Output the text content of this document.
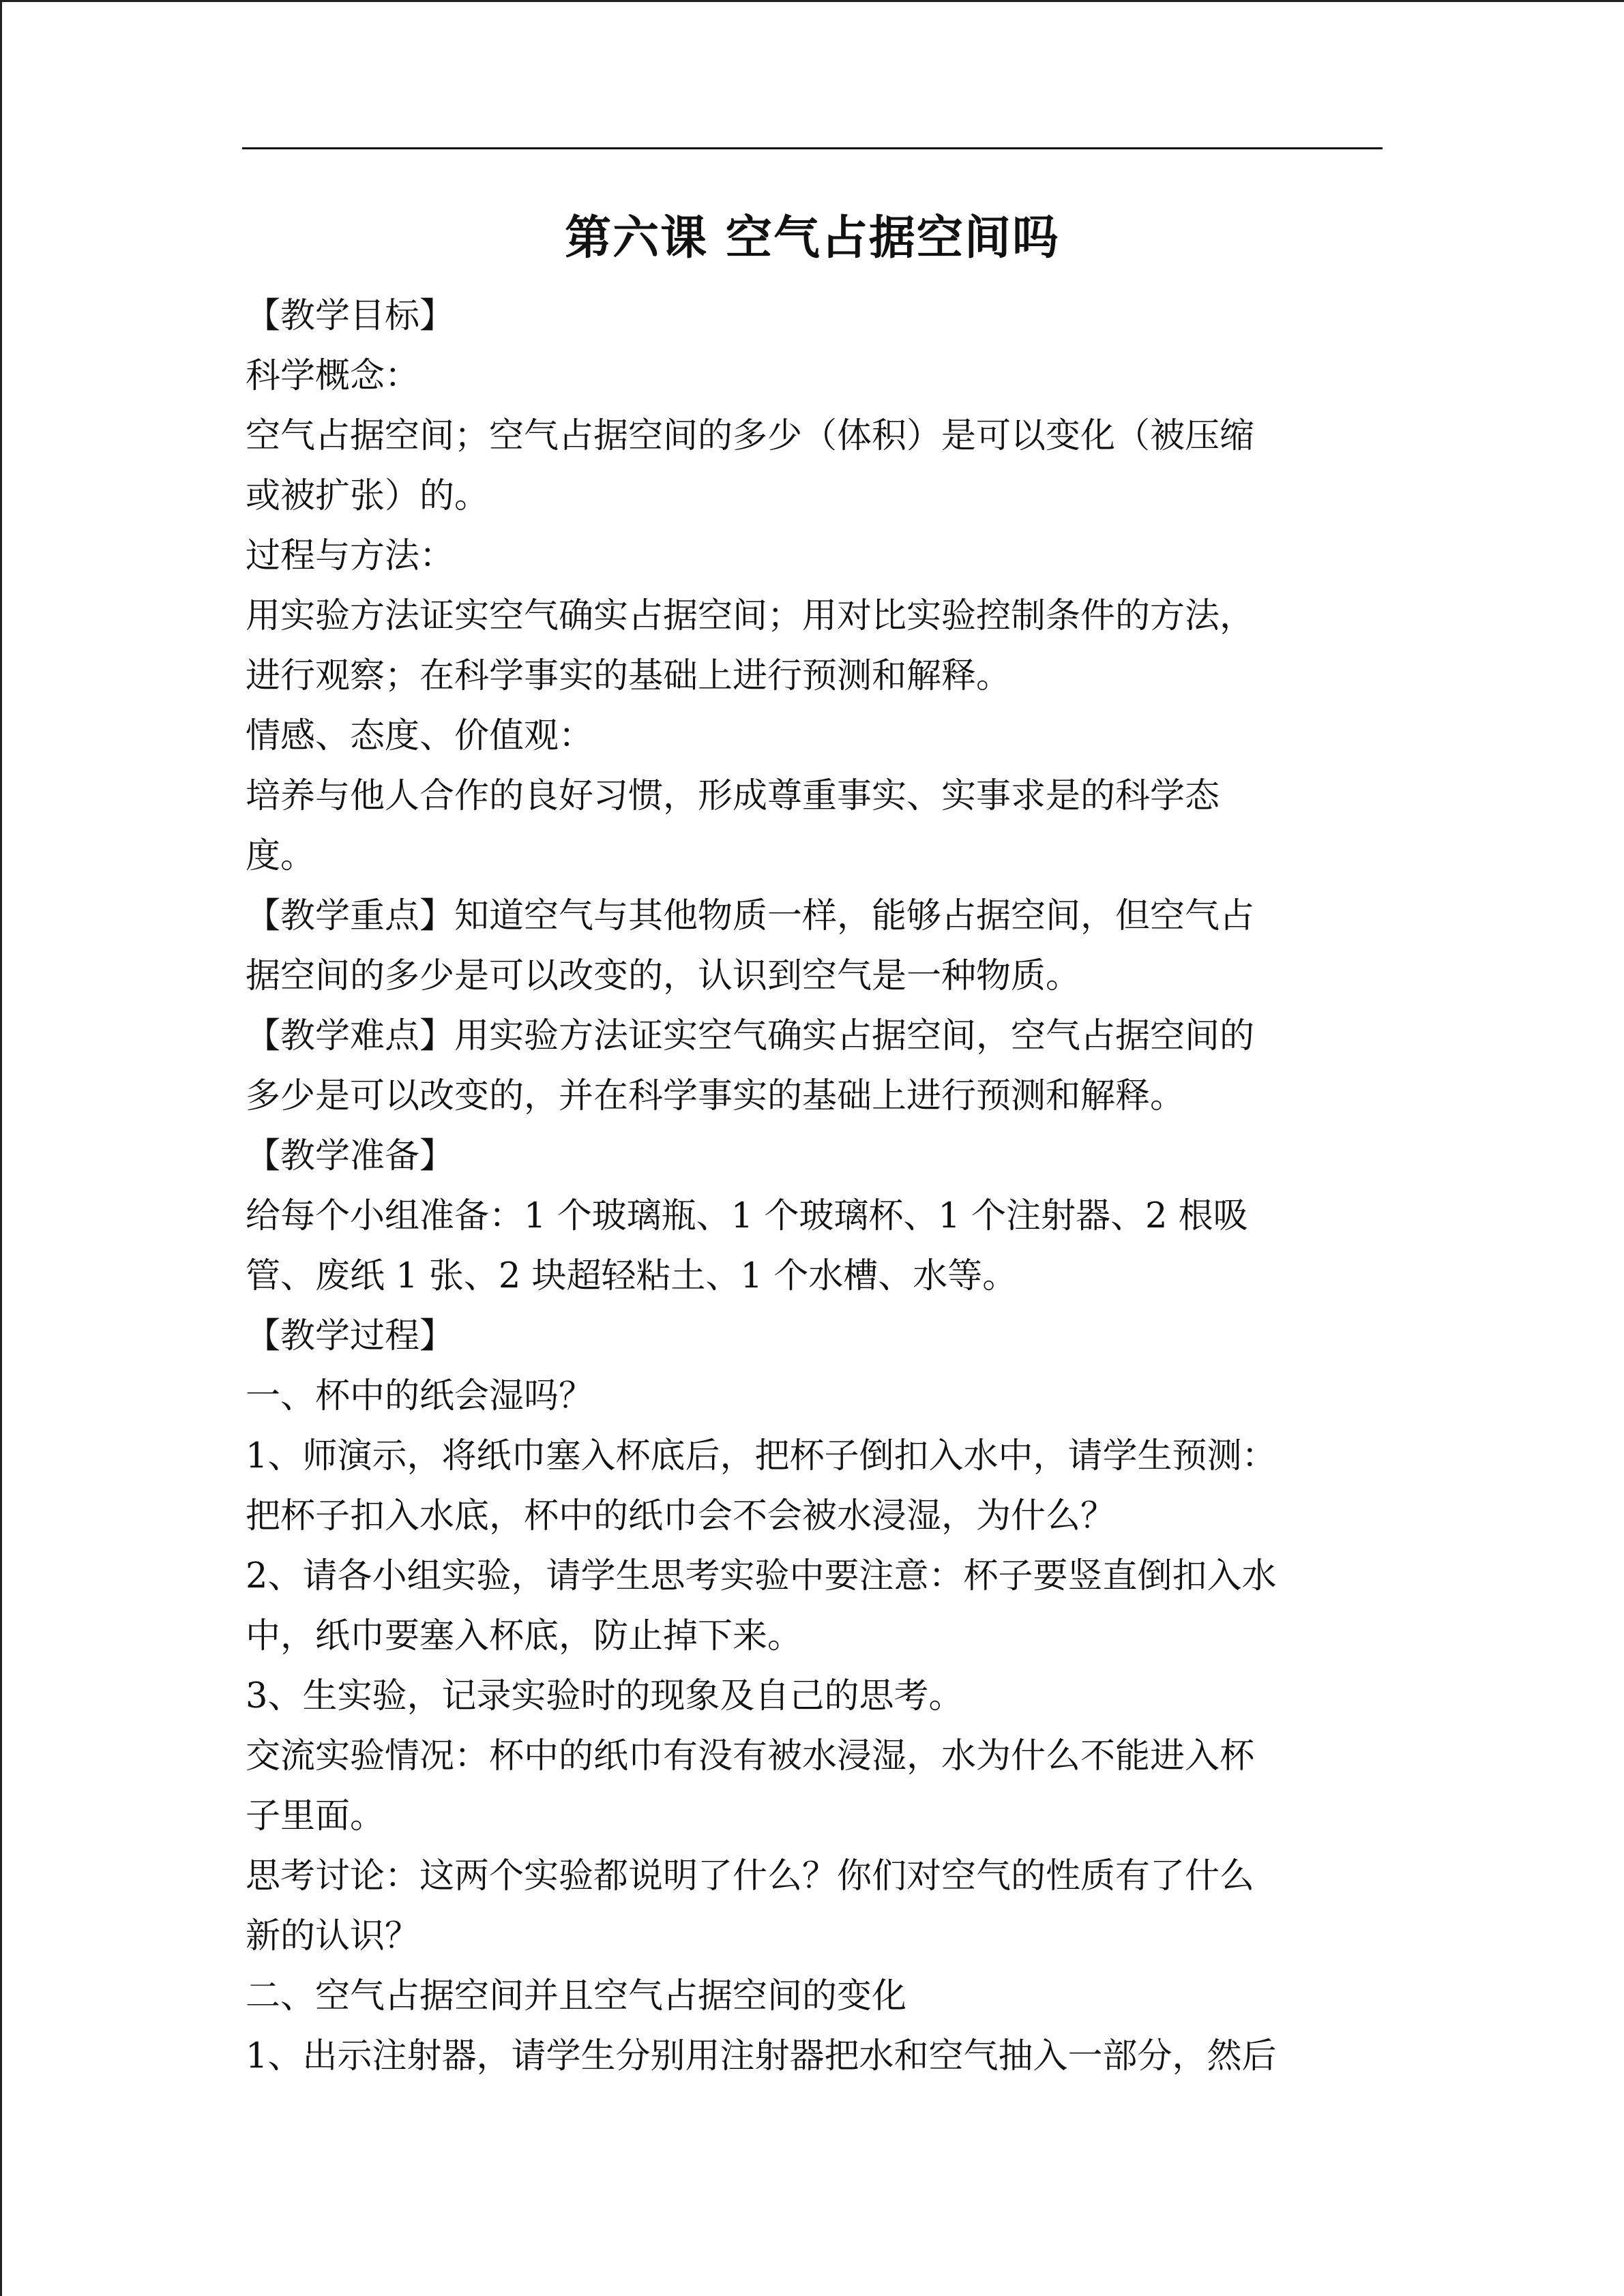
第六课 空气占据空间吗
【教学目标】
科学概念：
空气占据空间；空气占据空间的多少（体积）是可以变化（被压缩
或被扩张）的。
过程与方法：
用实验方法证实空气确实占据空间；用对比实验控制条件的方法，
进行观察；在科学事实的基础上进行预测和解释。
情感、态度、价值观：
培养与他人合作的良好习惯，形成尊重事实、实事求是的科学态
度。
【教学重点】知道空气与其他物质一样，能够占据空间，但空气占
据空间的多少是可以改变的，认识到空气是一种物质。
【教学难点】用实验方法证实空气确实占据空间，空气占据空间的
多少是可以改变的，并在科学事实的基础上进行预测和解释。
【教学准备】
给每个小组准备：1 个玻璃瓶、1 个玻璃杯、1 个注射器、2 根吸
管、废纸 1 张、2 块超轻粘土、1 个水槽、水等。
【教学过程】
一、杯中的纸会湿吗？
1、师演示，将纸巾塞入杯底后，把杯子倒扣入水中，请学生预测：
把杯子扣入水底，杯中的纸巾会不会被水浸湿，为什么？
2、请各小组实验，请学生思考实验中要注意：杯子要竖直倒扣入水
中，纸巾要塞入杯底，防止掉下来。
3、生实验，记录实验时的现象及自己的思考。
交流实验情况：杯中的纸巾有没有被水浸湿，水为什么不能进入杯
子里面。
思考讨论：这两个实验都说明了什么？你们对空气的性质有了什么
新的认识？
二、空气占据空间并且空气占据空间的变化
1、出示注射器，请学生分别用注射器把水和空气抽入一部分，然后
